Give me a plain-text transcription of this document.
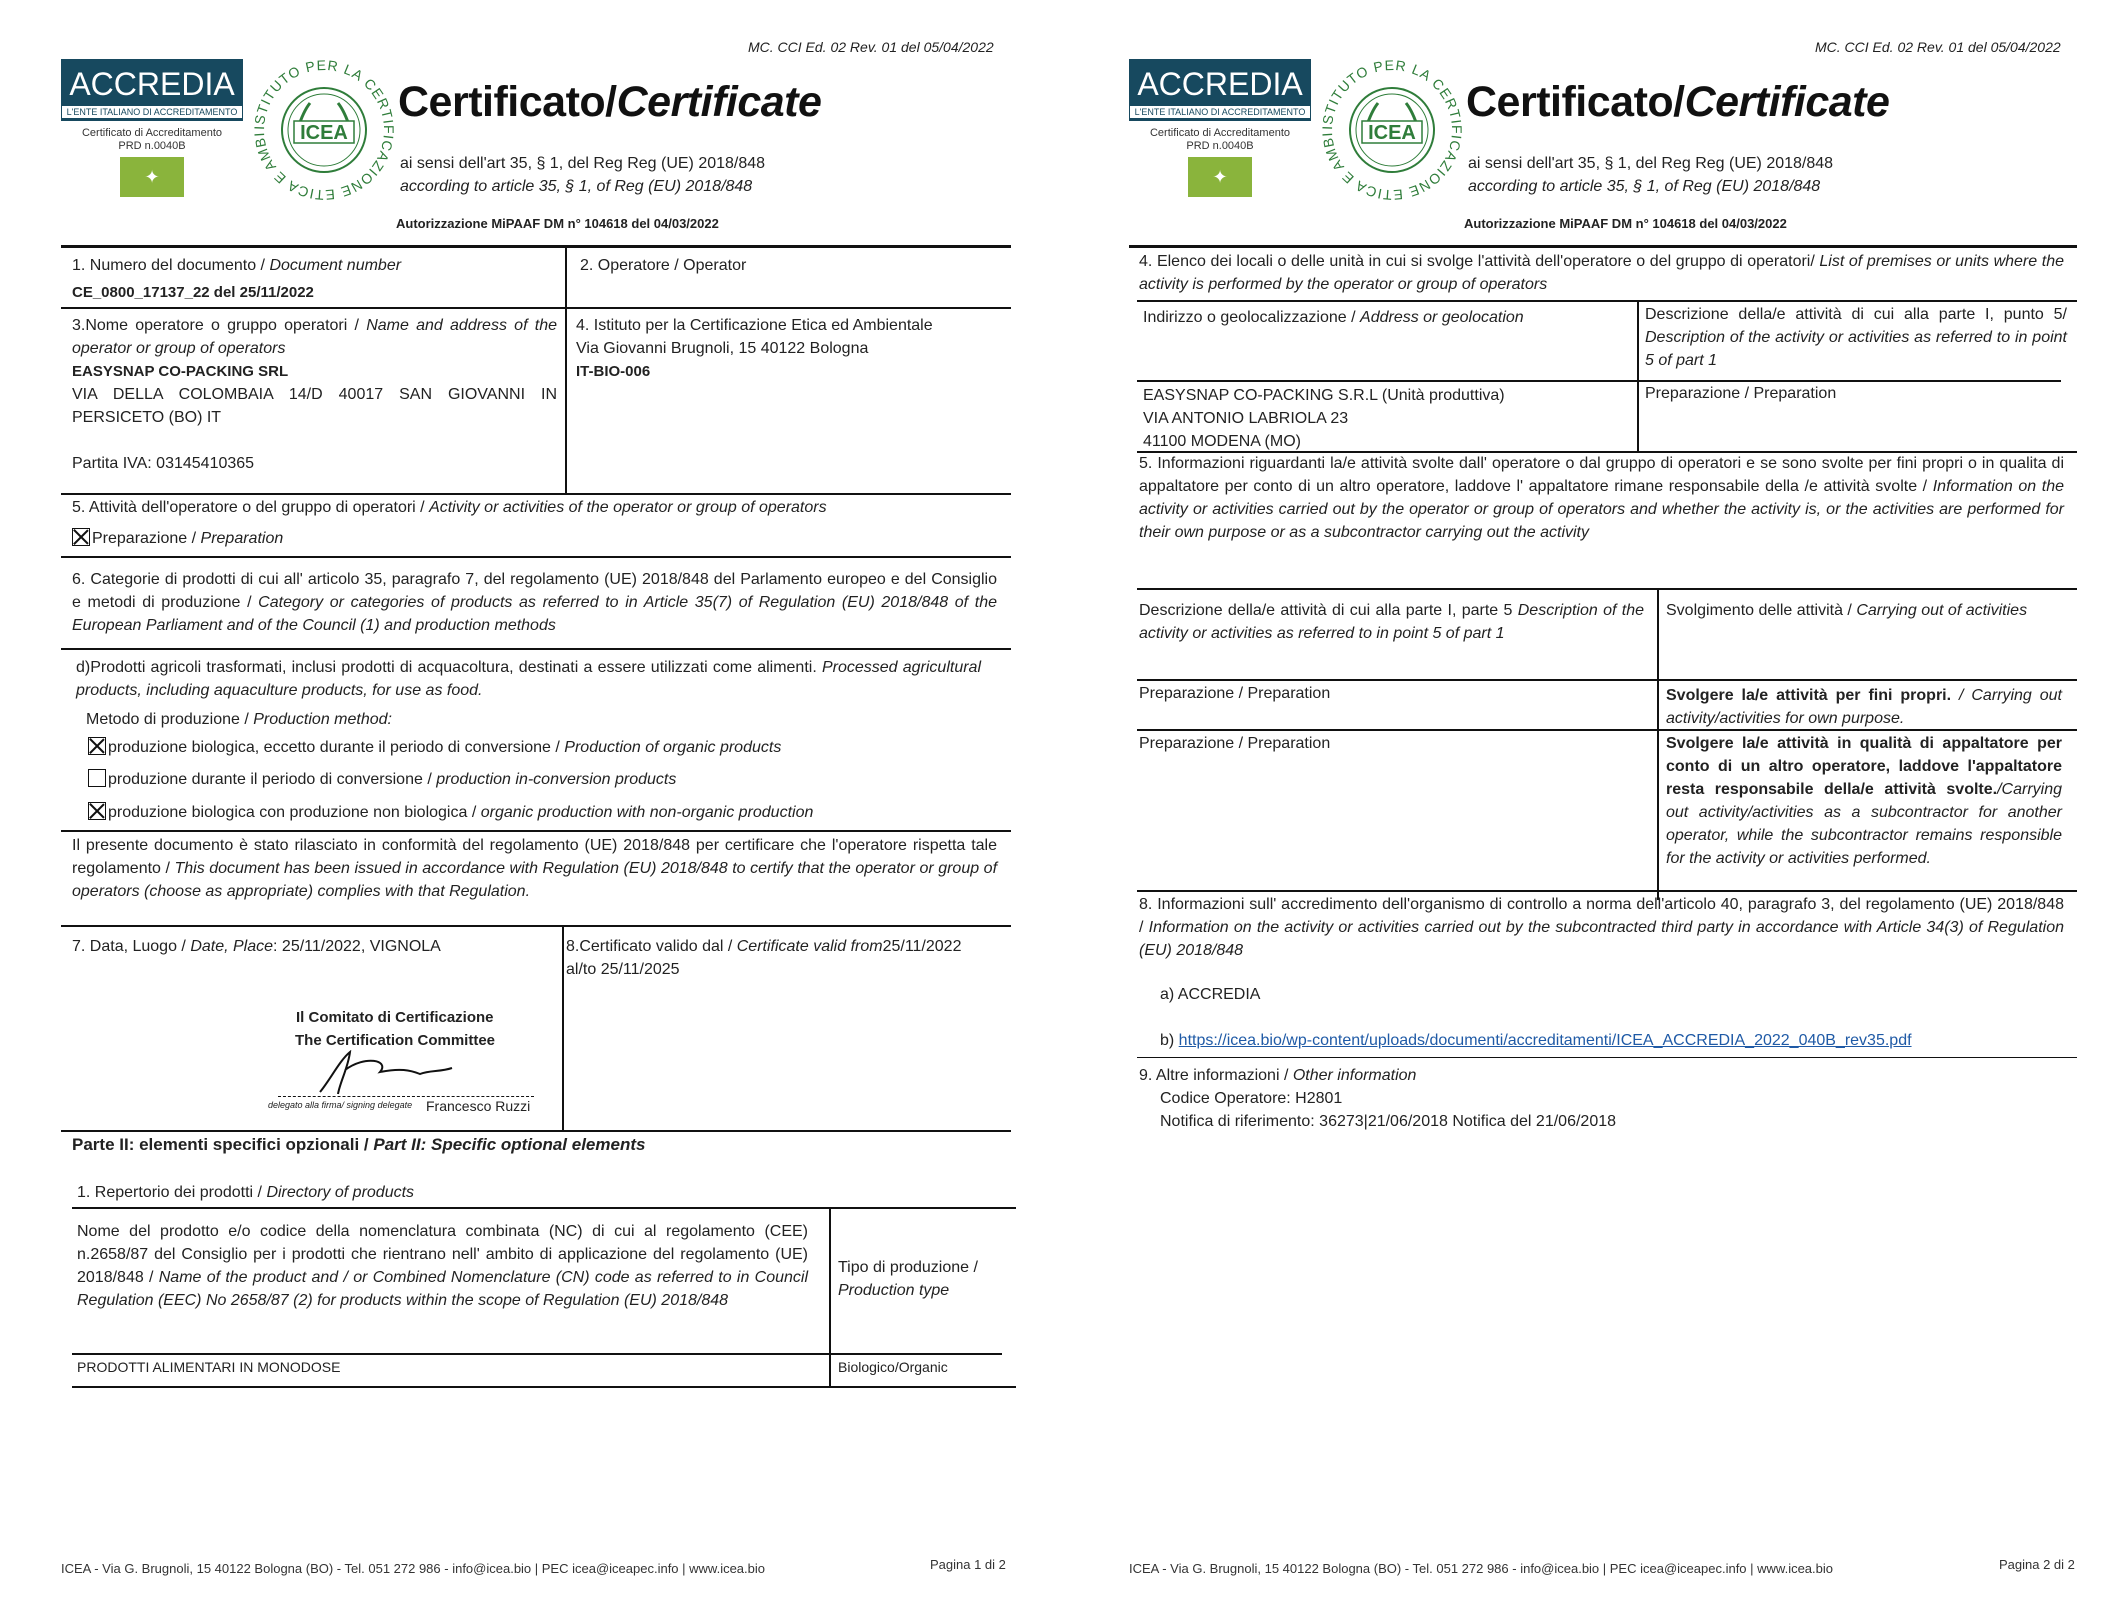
MC. CCI Ed. 02 Rev. 01 del 05/04/2022
ACCREDIA
L'ENTE ITALIANO DI ACCREDITAMENTO
Certificato di Accreditamento
PRD n.0040B
✦
ISTITUTO PER LA CERTIFICAZIONE ETICA E AMBI	ICEA
Certificato/Certificate
ai sensi dell'art 35, § 1, del Reg Reg (UE) 2018/848
according to article 35, § 1, of Reg (EU) 2018/848
Autorizzazione MiPAAF DM n° 104618 del 04/03/2022
1. Numero del documento / Document number
CE_0800_17137_22 del 25/11/2022
2. Operatore / Operator
3.Nome operatore o gruppo operatori / Name and address of the operator or group of operators
EASYSNAP CO-PACKING SRL
VIA DELLA COLOMBAIA 14/D 40017 SAN GIOVANNI IN PERSICETO (BO) IT
Partita IVA: 03145410365
4. Istituto per la Certificazione Etica ed Ambientale
Via Giovanni Brugnoli, 15 40122 Bologna
IT-BIO-006
5. Attività dell'operatore o del gruppo di operatori / Activity or activities of the operator or group of operators
Preparazione / Preparation
6. Categorie di prodotti di cui all' articolo 35, paragrafo 7, del regolamento (UE) 2018/848 del Parlamento europeo e del Consiglio e metodi di produzione / Category or categories of products as referred to in Article 35(7) of Regulation (EU) 2018/848 of the European Parliament and of the Council (1) and production methods
d)Prodotti agricoli trasformati, inclusi prodotti di acquacoltura, destinati a essere utilizzati come alimenti. Processed agricultural products, including aquaculture products, for use as food.
Metodo di produzione / Production method:
produzione biologica, eccetto durante il periodo di conversione / Production of organic products
produzione durante il periodo di conversione / production in-conversion products
produzione biologica con produzione non biologica / organic production with non-organic production
Il presente documento è stato rilasciato in conformità del regolamento (UE) 2018/848 per certificare che l'operatore rispetta tale regolamento / This document has been issued in accordance with Regulation (EU) 2018/848 to certify that the operator or group of operators (choose as appropriate) complies with that Regulation.
7. Data, Luogo / Date, Place: 25/11/2022, VIGNOLA	8.Certificato valido dal / Certificate valid from25/11/2022
al/to 25/11/2025
Il Comitato di Certificazione
The Certification Committee
delegato alla firma/ signing delegate Francesco Ruzzi
Parte II: elementi specifici opzionali / Part II: Specific optional elements
1. Repertorio dei prodotti / Directory of products
Nome del prodotto e/o codice della nomenclatura combinata (NC) di cui al regolamento (CEE) n.2658/87 del Consiglio per i prodotti che rientrano nell' ambito di applicazione del regolamento (UE) 2018/848 / Name of the product and / or Combined Nomenclature (CN) code as referred to in Council Regulation (EEC) No 2658/87 (2) for products within the scope of Regulation (EU) 2018/848
Tipo di produzione /
Production type
PRODOTTI ALIMENTARI IN MONODOSE	Biologico/Organic
ICEA - Via G. Brugnoli, 15 40122 Bologna (BO) - Tel. 051 272 986 - info@icea.bio | PEC icea@iceapec.info | www.icea.bio	Pagina 1 di 2
MC. CCI Ed. 02 Rev. 01 del 05/04/2022
ACCREDIA
L'ENTE ITALIANO DI ACCREDITAMENTO
Certificato di Accreditamento
PRD n.0040B
✦
ISTITUTO PER LA CERTIFICAZIONE ETICA E AMBI	ICEA
Certificato/Certificate
ai sensi dell'art 35, § 1, del Reg Reg (UE) 2018/848
according to article 35, § 1, of Reg (EU) 2018/848
Autorizzazione MiPAAF DM n° 104618 del 04/03/2022
4. Elenco dei locali o delle unità in cui si svolge l'attività dell'operatore o del gruppo di operatori/ List of premises or units where the activity is performed by the operator or group of operators
Indirizzo o geolocalizzazione / Address or geolocation	Descrizione della/e attività di cui alla parte I, punto 5/ Description of the activity or activities as referred to in point 5 of part 1
EASYSNAP CO-PACKING S.R.L (Unità produttiva)
VIA ANTONIO LABRIOLA 23
41100 MODENA (MO)
Preparazione / Preparation
5. Informazioni riguardanti la/e attività svolte dall' operatore o dal gruppo di operatori e se sono svolte per fini propri o in qualita di appaltatore per conto di un altro operatore, laddove l' appaltatore rimane responsabile della /e attività svolte / Information on the activity or activities carried out by the operator or group of operators and whether the activity is, or the activities are performed for their own purpose or as a subcontractor carrying out the activity
Descrizione della/e attività di cui alla parte I, parte 5 Description of the activity or activities as referred to in point 5 of part 1
Svolgimento delle attività / Carrying out of activities
Preparazione / Preparation	Svolgere la/e attività per fini propri. / Carrying out activity/activities for own purpose.
Preparazione / Preparation	Svolgere la/e attività in qualità di appaltatore per conto di un altro operatore, laddove l'appaltatore resta responsabile della/e attività svolte./Carrying out activity/activities as a subcontractor for another operator, while the subcontractor remains responsible for the activity or activities performed.
8. Informazioni sull' accredimento dell'organismo di controllo a norma dell'articolo 40, paragrafo 3, del regolamento (UE) 2018/848 / Information on the activity or activities carried out by the subcontracted third party in accordance with Article 34(3) of Regulation (EU) 2018/848
a) ACCREDIA
b) https://icea.bio/wp-content/uploads/documenti/accreditamenti/ICEA_ACCREDIA_2022_040B_rev35.pdf
9. Altre informazioni / Other information
Codice Operatore: H2801
Notifica di riferimento: 36273|21/06/2018 Notifica del 21/06/2018
ICEA - Via G. Brugnoli, 15 40122 Bologna (BO) - Tel. 051 272 986 - info@icea.bio | PEC icea@iceapec.info | www.icea.bio	Pagina 2 di 2
